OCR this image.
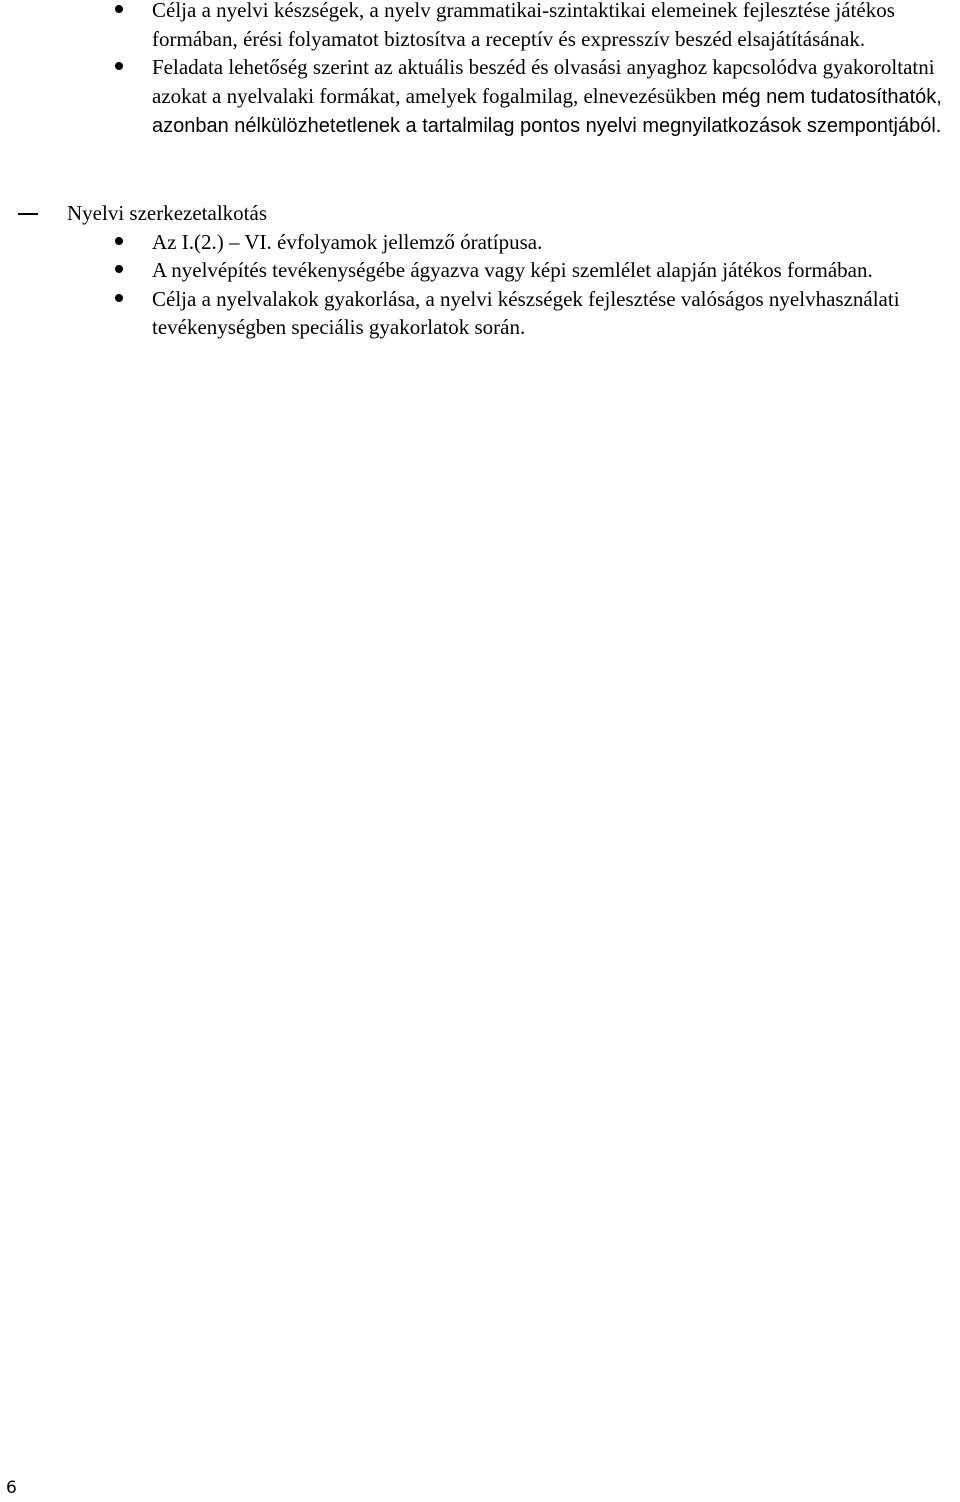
Célja a nyelvi készségek, a nyelv grammatikai-szintaktikai elemeinek fejlesztése játékos formában, érési folyamatot biztosítva a receptív és expresszív beszéd elsajátításának.
Feladata lehetőség szerint az aktuális beszéd és olvasási anyaghoz kapcsolódva gyakoroltatni azokat a nyelvalaki formákat, amelyek fogalmilag, elnevezésükben még nem tudatosíthatók, azonban nélkülözhetetlenek a tartalmilag pontos nyelvi megnyilatkozások szempontjából.
Nyelvi szerkezetalkotás
Az I.(2.) – VI. évfolyamok jellemző óratípusa.
A nyelvépítés tevékenységébe ágyazva vagy képi szemlélet alapján játékos formában.
Célja a nyelvalakok gyakorlása, a nyelvi készségek fejlesztése valóságos nyelvhasználati tevékenységben speciális gyakorlatok során.
6
